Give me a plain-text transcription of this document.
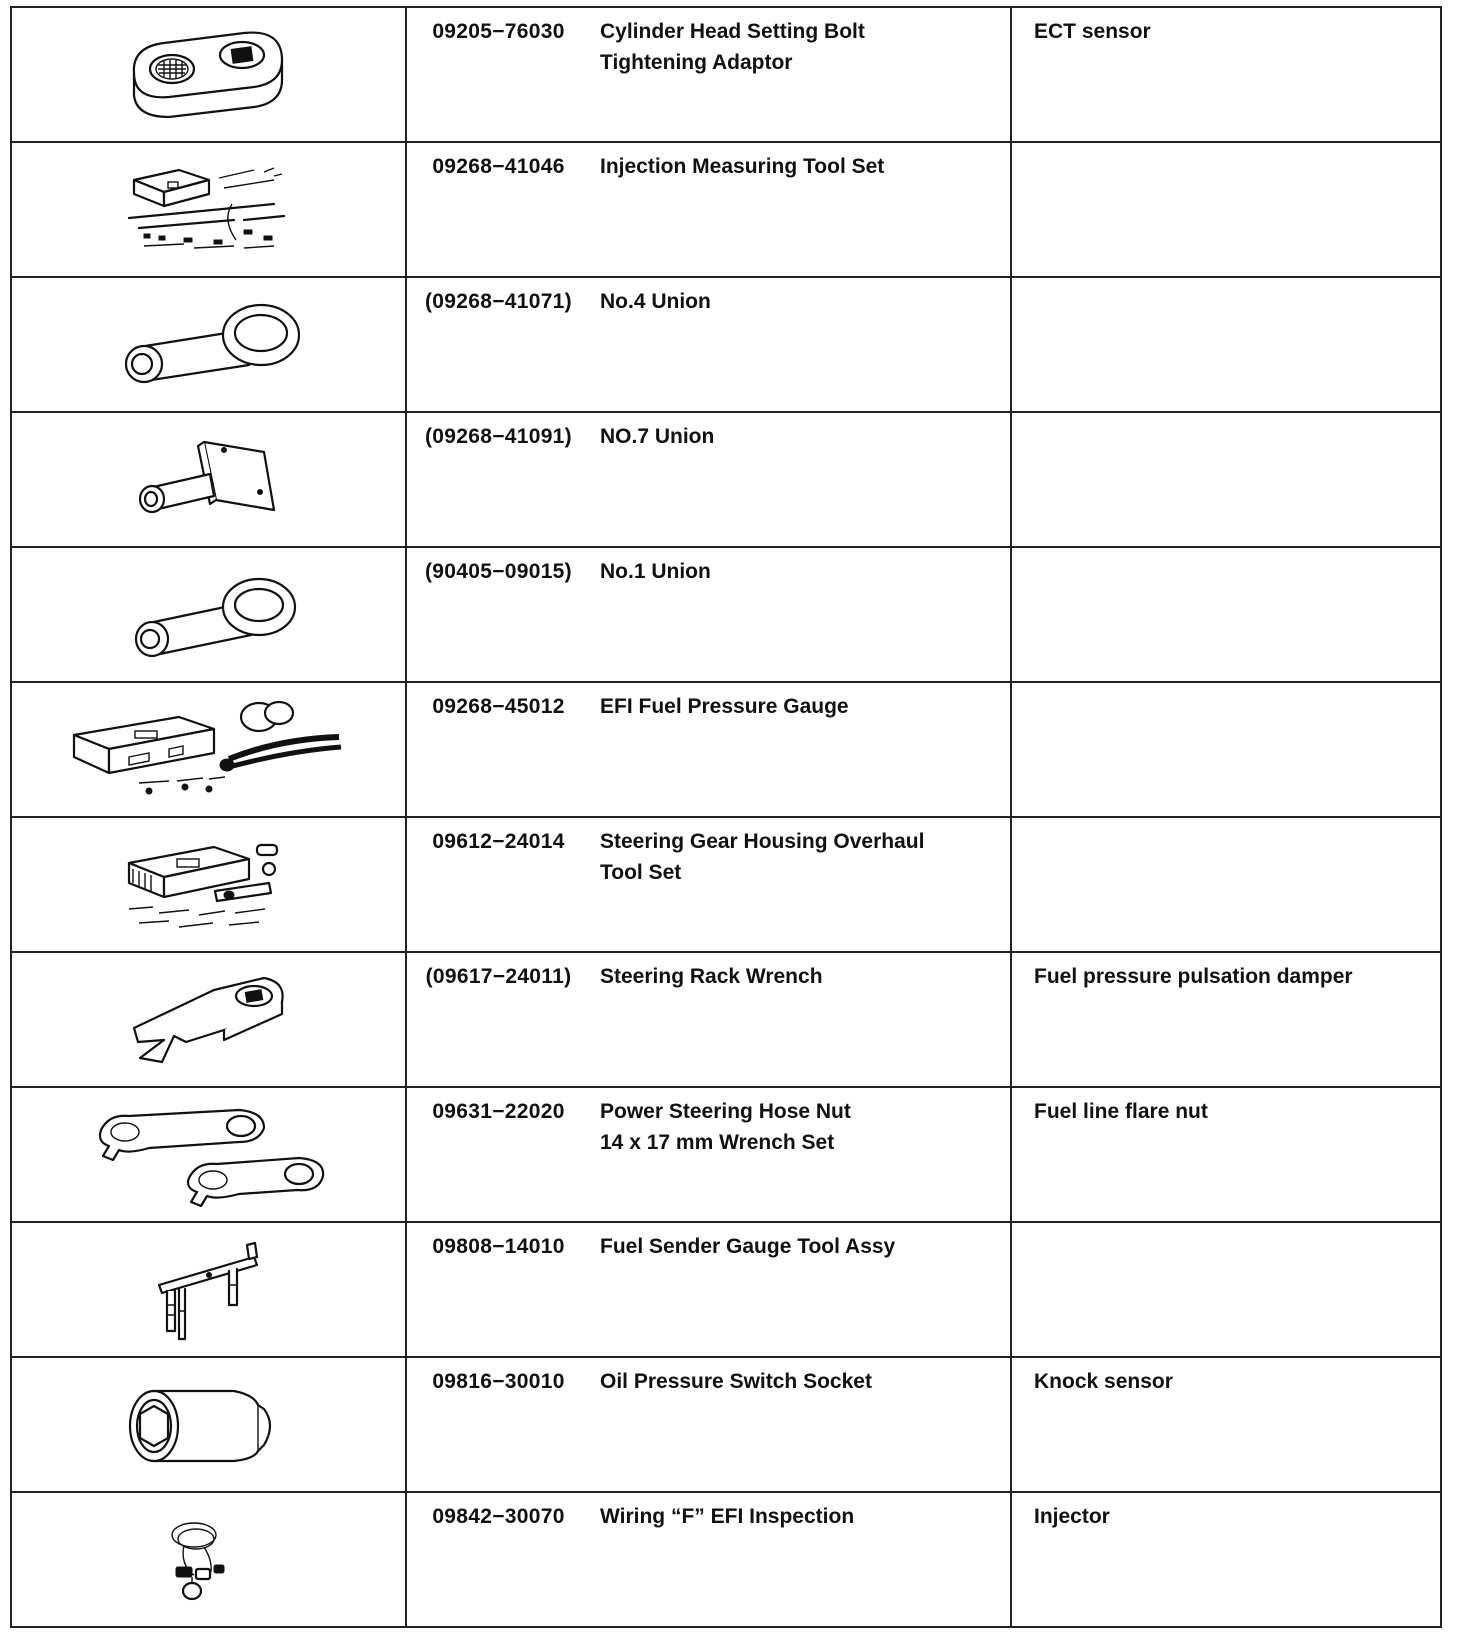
09205−76030 Cylinder Head Setting Bolt
Tightening Adaptor	ECT sensor

09268−41046 Injection Measuring Tool Set	

(09268−41071) No.4 Union	

(09268−41091) NO.7 Union	

(90405−09015) No.1 Union	

09268−45012 EFI Fuel Pressure Gauge	

09612−24014 Steering Gear Housing Overhaul
Tool Set	

(09617−24011) Steering Rack Wrench	Fuel pressure pulsation damper

09631−22020 Power Steering Hose Nut
14 x 17 mm Wrench Set	Fuel line flare nut

09808−14010 Fuel Sender Gauge Tool Assy	

09816−30010 Oil Pressure Switch Socket	Knock sensor

09842−30070 Wiring “F” EFI Inspection	Injector
